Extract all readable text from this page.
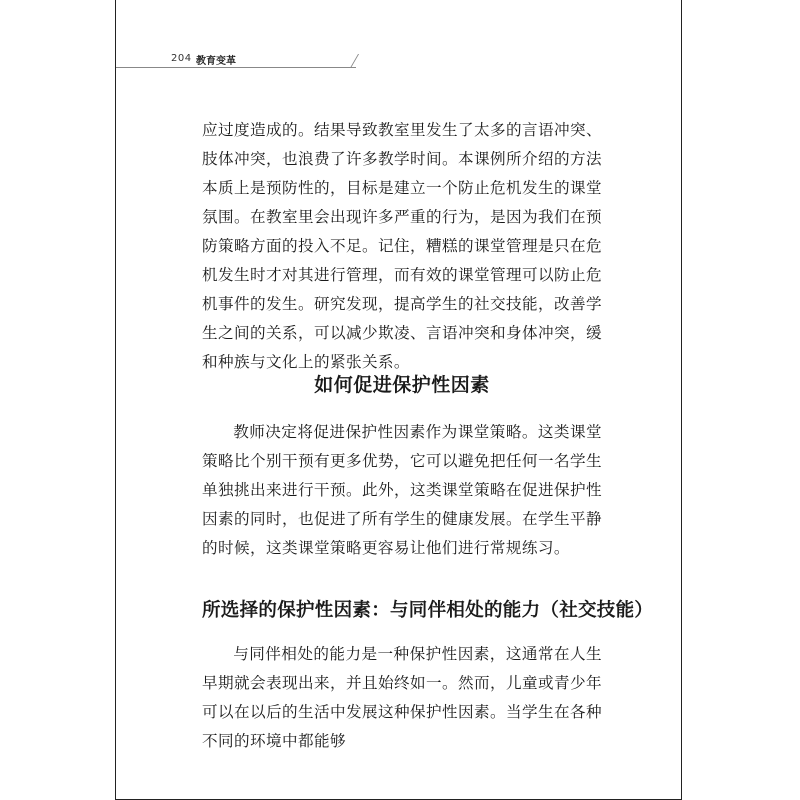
204 教育变革

应过度造成的。结果导致教室里发生了太多的言语冲突、肢体冲突，也浪费了许多教学时间。本课例所介绍的方法本质上是预防性的，目标是建立一个防止危机发生的课堂氛围。在教室里会出现许多严重的行为，是因为我们在预防策略方面的投入不足。记住，糟糕的课堂管理是只在危机发生时才对其进行管理，而有效的课堂管理可以防止危机事件的发生。研究发现，提高学生的社交技能，改善学生之间的关系，可以减少欺凌、言语冲突和身体冲突，缓和种族与文化上的紧张关系。

如何促进保护性因素

教师决定将促进保护性因素作为课堂策略。这类课堂策略比个别干预有更多优势，它可以避免把任何一名学生单独挑出来进行干预。此外，这类课堂策略在促进保护性因素的同时，也促进了所有学生的健康发展。在学生平静的时候，这类课堂策略更容易让他们进行常规练习。

所选择的保护性因素：与同伴相处的能力（社交技能）

与同伴相处的能力是一种保护性因素，这通常在人生早期就会表现出来，并且始终如一。然而，儿童或青少年可以在以后的生活中发展这种保护性因素。当学生在各种不同的环境中都能够
